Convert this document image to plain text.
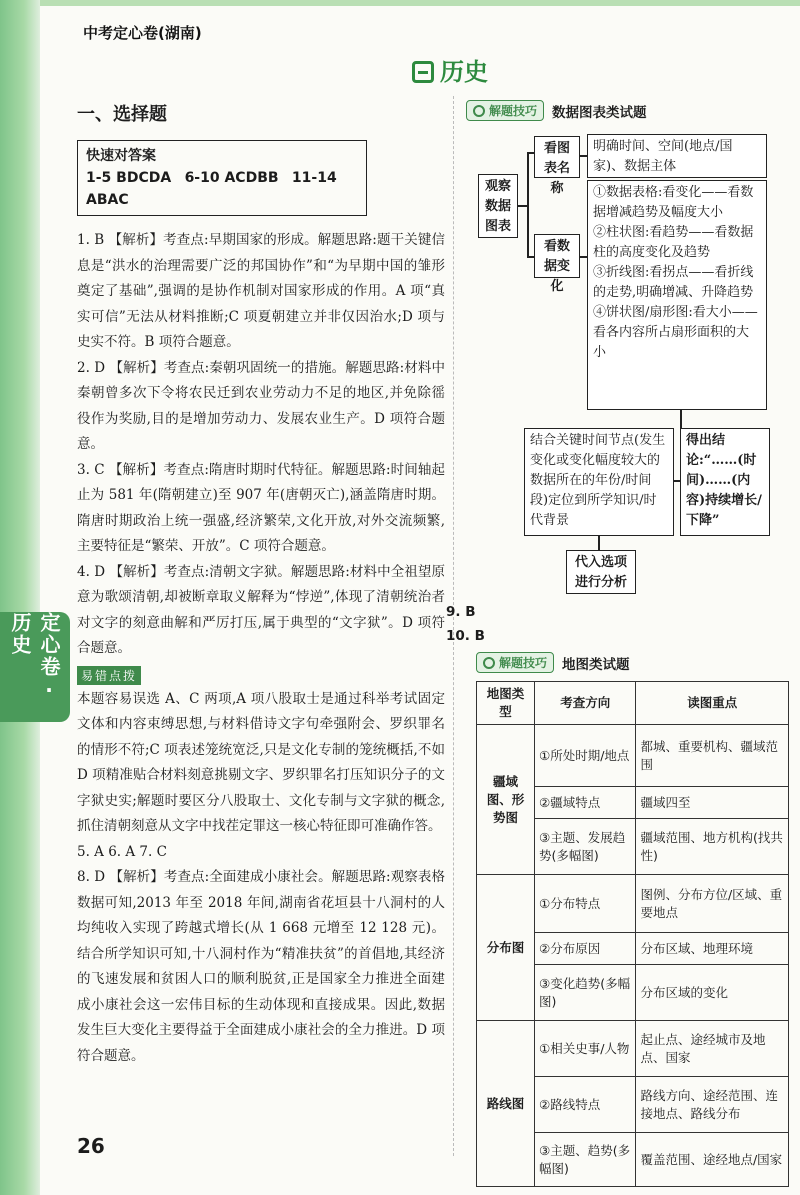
中考定心卷(湖南)
历史
定心卷·历史
一、选择题
快速对答案
1-5 BDCDA 6-10 ACDBB 11-14 ABAC

1. B 【解析】考查点:早期国家的形成。解题思路:题干关键信息是“洪水的治理需要广泛的邦国协作”和“为早期中国的雏形奠定了基础”,强调的是协作机制对国家形成的作用。A 项“真实可信”无法从材料推断;C 项夏朝建立并非仅因治水;D 项与史实不符。B 项符合题意。

2. D 【解析】考查点:秦朝巩固统一的措施。解题思路:材料中秦朝曾多次下令将农民迁到农业劳动力不足的地区,并免除徭役作为奖励,目的是增加劳动力、发展农业生产。D 项符合题意。

3. C 【解析】考查点:隋唐时期时代特征。解题思路:时间轴起止为 581 年(隋朝建立)至 907 年(唐朝灭亡),涵盖隋唐时期。隋唐时期政治上统一强盛,经济繁荣,文化开放,对外交流频繁,主要特征是“繁荣、开放”。C 项符合题意。

4. D 【解析】考查点:清朝文字狱。解题思路:材料中全祖望原意为歌颂清朝,却被断章取义解释为“悖逆”,体现了清朝统治者对文字的刻意曲解和严厉打压,属于典型的“文字狱”。D 项符合题意。

易错点拨

本题容易误选 A、C 两项,A 项八股取士是通过科举考试固定文体和内容束缚思想,与材料借诗文字句牵强附会、罗织罪名的情形不符;C 项表述笼统宽泛,只是文化专制的笼统概括,不如 D 项精准贴合材料刻意挑剔文字、罗织罪名打压知识分子的文字狱史实;解题时要区分八股取士、文化专制与文字狱的概念,抓住清朝刻意从文字中找茬定罪这一核心特征即可准确作答。

5. A 6. A 7. C

8. D 【解析】考查点:全面建成小康社会。解题思路:观察表格数据可知,2013 年至 2018 年间,湖南省花垣县十八洞村的人均纯收入实现了跨越式增长(从 1 668 元增至 12 128 元)。结合所学知识可知,十八洞村作为“精准扶贫”的首倡地,其经济的飞速发展和贫困人口的顺利脱贫,正是国家全力推进全面建成小康社会这一宏伟目标的生动体现和直接成果。因此,数据发生巨大变化主要得益于全面建成小康社会的全力推进。D 项符合题意。

26
解题技巧 数据图表类试题
观察数据图表
看图表名称
明确时间、空间(地点/国家)、数据主体
看数据变化
①数据表格:看变化——看数据增减趋势及幅度大小
②柱状图:看趋势——看数据柱的高度变化及趋势
③折线图:看拐点——看折线的走势,明确增减、升降趋势
④饼状图/扇形图:看大小——看各内容所占扇形面积的大小
结合关键时间节点(发生变化或变化幅度较大的数据所在的年份/时间段)定位到所学知识/时代背景
得出结论:“……(时间)……(内容)持续增长/下降”
代入选项进行分析
9. B
10. B
解题技巧 地图类试题
地图类型	考查方向	读图重点
疆域图、形势图	①所处时期/地点	都城、重要机构、疆域范围
	②疆域特点	疆域四至
	③主题、发展趋势(多幅图)	疆域范围、地方机构(找共性)
分布图	①分布特点	图例、分布方位/区域、重要地点
	②分布原因	分布区域、地理环境
	③变化趋势(多幅图)	分布区域的变化
路线图	①相关史事/人物	起止点、途经城市及地点、国家
	②路线特点	路线方向、途经范围、连接地点、路线分布
	③主题、趋势(多幅图)	覆盖范围、途经地点/国家
